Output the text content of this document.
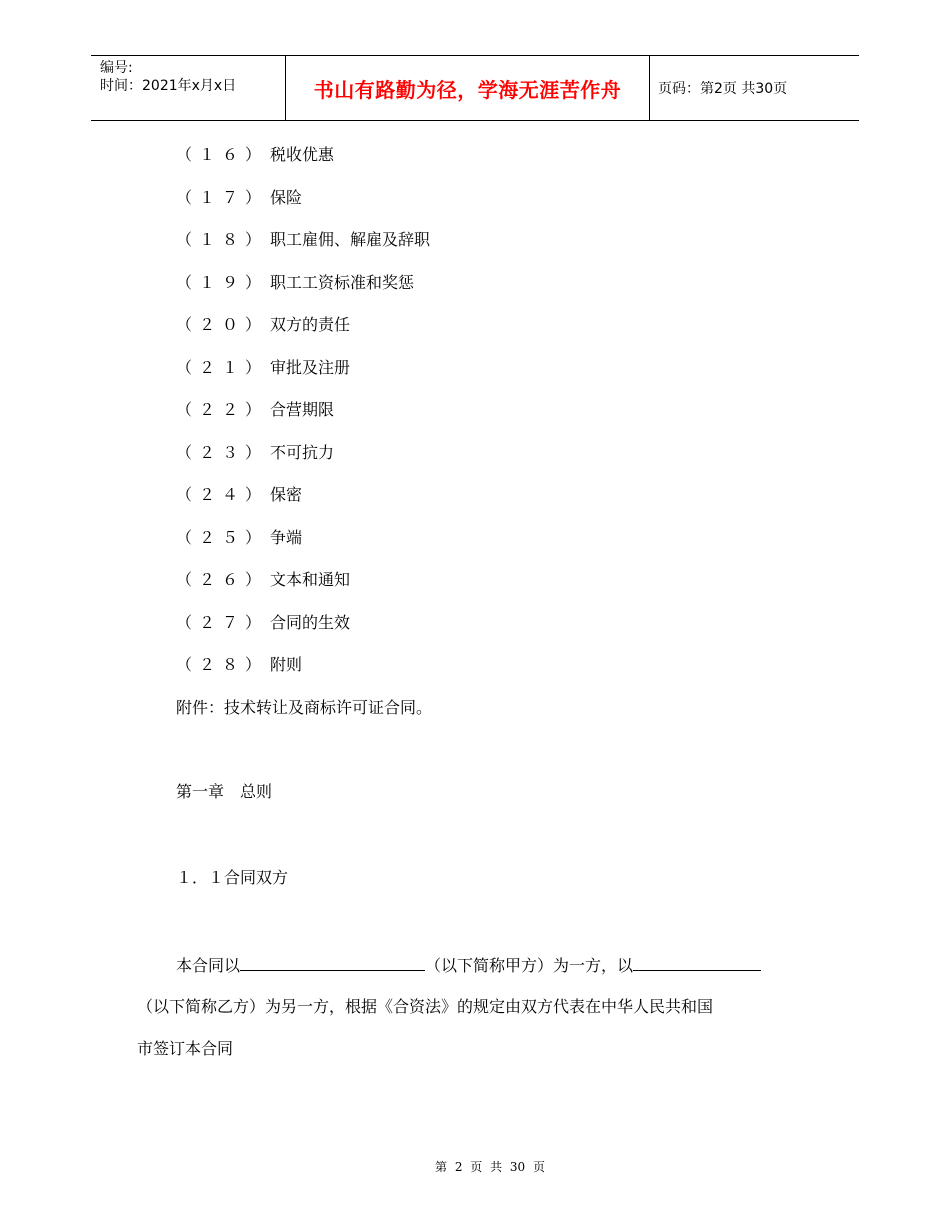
编号:
时间：2021年x月x日	书山有路勤为径，学海无涯苦作舟	页码：第2页 共30页
（１６） 税收优惠
（１７） 保险
（１８） 职工雇佣、解雇及辞职
（１９） 职工工资标准和奖惩
（２０） 双方的责任
（２１） 审批及注册
（２２） 合营期限
（２３） 不可抗力
（２４） 保密
（２５） 争端
（２６） 文本和通知
（２７） 合同的生效
（２８） 附则
附件：技术转让及商标许可证合同。
第一章　总则
１．１合同双方
本合同以	（以下简称甲方）为一方，以
（以下简称乙方）为另一方，根据《合资法》的规定由双方代表在中华人民共和国
市签订本合同
第 2 页 共 30 页
